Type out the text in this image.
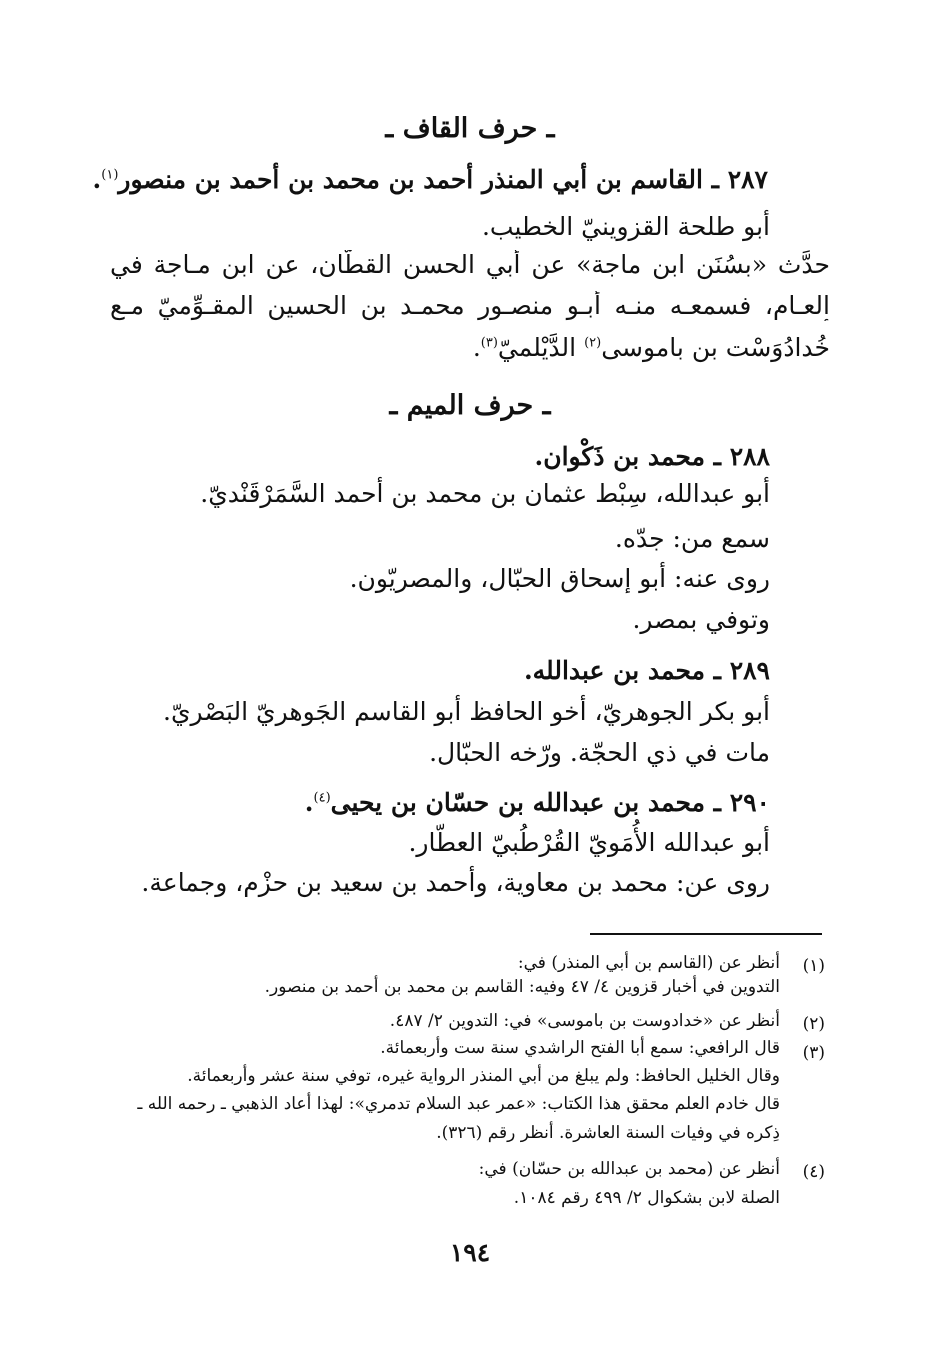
ـ حرف القاف ـ
٢٨٧ ـ القاسم بن أبي المنذر أحمد بن محمد بن أحمد بن منصور$^{(١)}$.
أبو طلحة القزوينيّ الخطيب.
حدَّث «بسُنَن ابن ماجة» عن أبي الحسن القطّان، عن ابن مـاجة في
العـام، فسمعـه منـه أبـو منصـور محمـد بن الحسين المقـوِّميّ مـع
خُدادُوَسْت بن باموسى$^{(٢)}$ الدَّيْلميّ$^{(٣)}$.
ـ حرف الميم ـ
٢٨٨ ـ محمد بن ذَكْوان.
أبو عبدالله، سِبْط عثمان بن محمد بن أحمد السَّمَرْقَنْديّ.
سمع من: جدّه.
روى عنه: أبو إسحاق الحبّال، والمصريّون.
وتوفي بمصر.
٢٨٩ ـ محمد بن عبدالله.
أبو بكر الجوهريّ، أخو الحافظ أبو القاسم الجَوهريّ البَصْريّ.
مات في ذي الحجّة. ورّخه الحبّال.
٢٩٠ ـ محمد بن عبدالله بن حسّان بن يحيى$^{(٤)}$.
أبو عبدالله الأُمَويّ القُرْطُبيّ العطّار.
روى عن: محمد بن معاوية، وأحمد بن سعيد بن حزْم، وجماعة.
(١)
أنظر عن (القاسم بن أبي المنذر) في:
التدوين في أخبار قزوين ٤/ ٤٧ وفيه: القاسم بن محمد بن أحمد بن منصور.
(٢)
أنظر عن «خدادوست بن باموسى» في: التدوين ٢/ ٤٨٧.
(٣)
قال الرافعي: سمع أبا الفتح الراشدي سنة ست وأربعمائة.
وقال الخليل الحافظ: ولم يبلغ من أبي المنذر الرواية غيره، توفي سنة عشر وأربعمائة.
قال خادم العلم محقق هذا الكتاب: «عمر عبد السلام تدمري»: لهذا أعاد الذهبي ـ رحمه الله ـ
ذِكره في وفيات السنة العاشرة. أنظر رقم (٣٢٦).
(٤)
أنظر عن (محمد بن عبدالله بن حسّان) في:
الصلة لابن بشكوال ٢/ ٤٩٩ رقم ١٠٨٤.
١٩٤
